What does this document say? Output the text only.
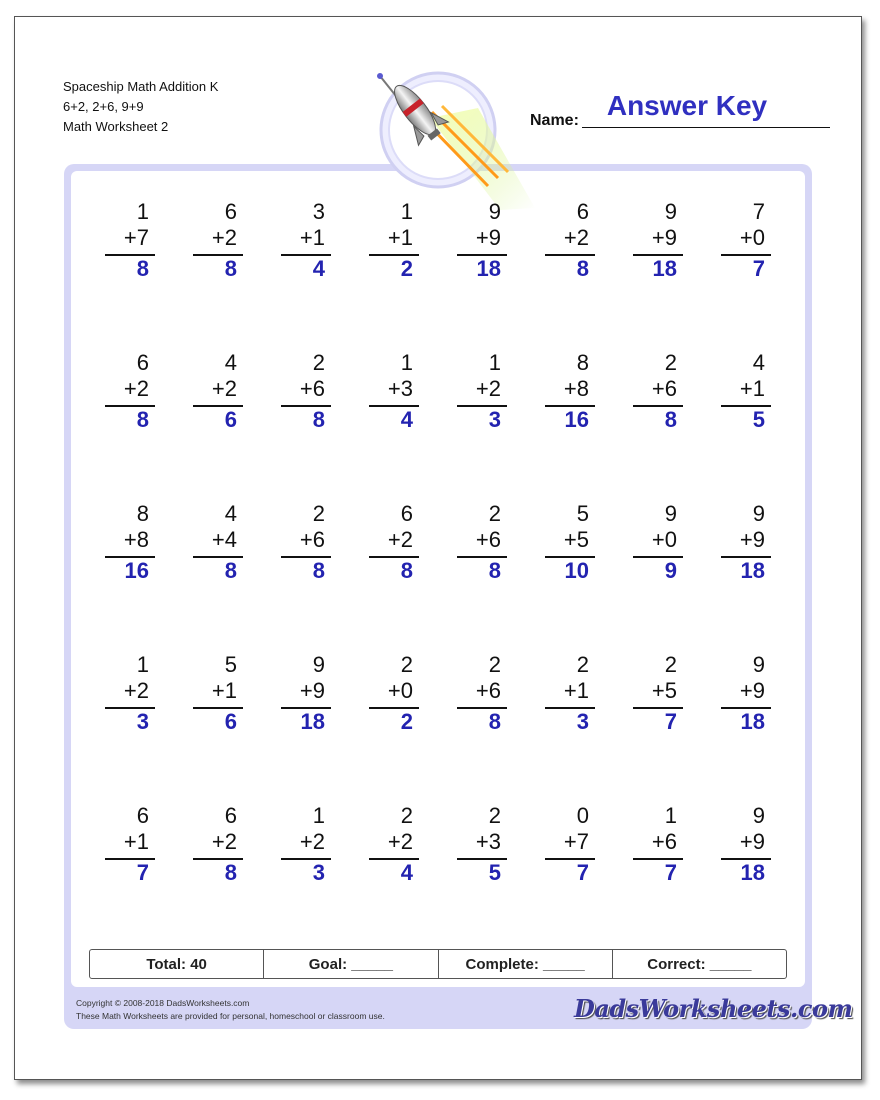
Spaceship Math Addition K
6+2, 2+6, 9+9
Math Worksheet 2	Name: Answer Key
1
+7
8
6
+2
8
3
+1
4
1
+1
2
9
+9
18
6
+2
8
9
+9
18
7
+0
7
6
+2
8
4
+2
6
2
+6
8
1
+3
4
1
+2
3
8
+8
16
2
+6
8
4
+1
5
8
+8
16
4
+4
8
2
+6
8
6
+2
8
2
+6
8
5
+5
10
9
+0
9
9
+9
18
1
+2
3
5
+1
6
9
+9
18
2
+0
2
2
+6
8
2
+1
3
2
+5
7
9
+9
18
6
+1
7
6
+2
8
1
+2
3
2
+2
4
2
+3
5
0
+7
7
1
+6
7
9
+9
18
Total: 40	Goal: _____	Complete: _____	Correct: _____
Copyright © 2008-2018 DadsWorksheets.com
These Math Worksheets are provided for personal, homeschool or classroom use.	DadsWorksheets.com
